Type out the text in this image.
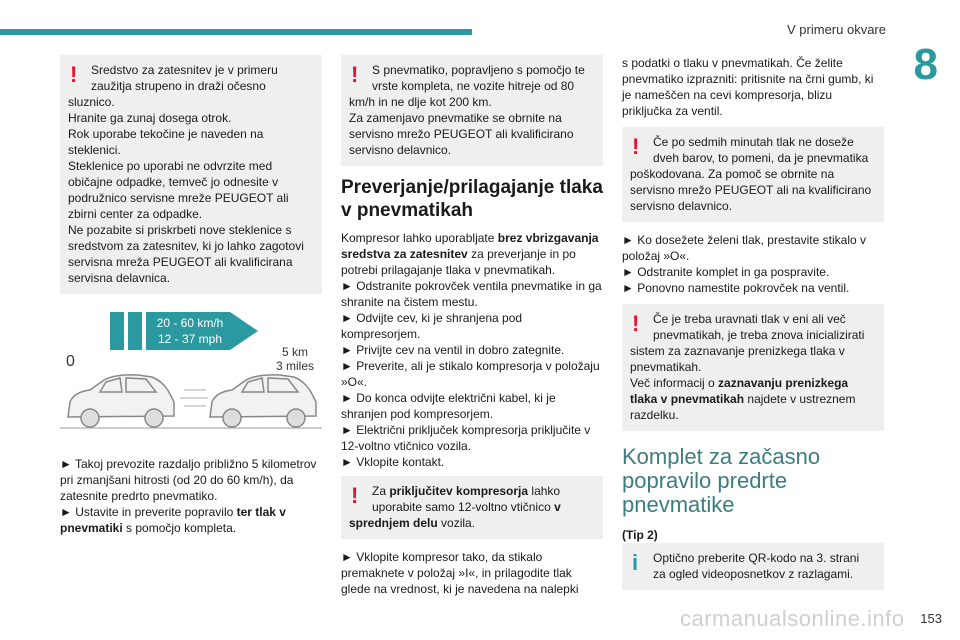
V primeru okvare
8
!	Sredstvo za zatesnitev je v primeru
zaužitja strupeno in draži očesno

sluznico.

Hranite ga zunaj dosega otrok.

Rok uporabe tekočine je naveden na steklenici.

Steklenice po uporabi ne odvrzite med običajne odpadke, temveč jo odnesite v podružnico servisne mreže PEUGEOT ali zbirni center za odpadke.

Ne pozabite si priskrbeti nove steklenice s sredstvom za zatesnitev, ki jo lahko zagotovi servisna mreža PEUGEOT ali kvalificirana servisna delavnica.

20 - 60 km/h
12 - 37 mph
0
5 km
3 miles

► Takoj prevozite razdaljo približno 5 kilometrov pri zmanjšani hitrosti (od 20 do 60 km/h), da zatesnite predrto pnevmatiko.

► Ustavite in preverite popravilo ter tlak v pnevmatiki s pomočjo kompleta.

!	S pnevmatiko, popravljeno s pomočjo te
vrste kompleta, ne vozite hitreje od 80

km/h in ne dlje kot 200 km.

Za zamenjavo pnevmatike se obrnite na servisno mrežo PEUGEOT ali kvalificirano servisno delavnico.

Preverjanje/prilagajanje tlaka v pnevmatikah

Kompresor lahko uporabljate brez vbrizgavanja sredstva za zatesnitev za preverjanje in po potrebi prilagajanje tlaka v pnevmatikah.

► Odstranite pokrovček ventila pnevmatike in ga shranite na čistem mestu.

► Odvijte cev, ki je shranjena pod kompresorjem.

► Privijte cev na ventil in dobro zategnite.

► Preverite, ali je stikalo kompresorja v položaju »O«.

► Do konca odvijte električni kabel, ki je shranjen pod kompresorjem.

► Električni priključek kompresorja priključite v 12-voltno vtičnico vozila.

► Vklopite kontakt.

!	Za priključitev kompresorja lahko
uporabite samo 12-voltno vtičnico v

sprednjem delu vozila.

► Vklopite kompresor tako, da stikalo premaknete v položaj »I«, in prilagodite tlak glede na vrednost, ki je navedena na nalepki

s podatki o tlaku v pnevmatikah. Če želite pnevmatiko izprazniti: pritisnite na črni gumb, ki je nameščen na cevi kompresorja, blizu priključka za ventil.

!	Če po sedmih minutah tlak ne doseže
dveh barov, to pomeni, da je pnevmatika

poškodovana. Za pomoč se obrnite na servisno mrežo PEUGEOT ali na kvalificirano servisno delavnico.

► Ko dosežete želeni tlak, prestavite stikalo v položaj »O«.

► Odstranite komplet in ga pospravite.

► Ponovno namestite pokrovček na ventil.

!	Če je treba uravnati tlak v eni ali več
pnevmatikah, je treba znova inicializirati

sistem za zaznavanje prenizkega tlaka v pnevmatikah.

Več informacij o zaznavanju prenizkega tlaka v pnevmatikah najdete v ustreznem razdelku.

Komplet za začasno popravilo predrte pnevmatike

(Tip 2)

i	Optično preberite QR-kodo na 3. strani
za ogled videoposnetkov z razlagami.
carmanualsonline.info 153
